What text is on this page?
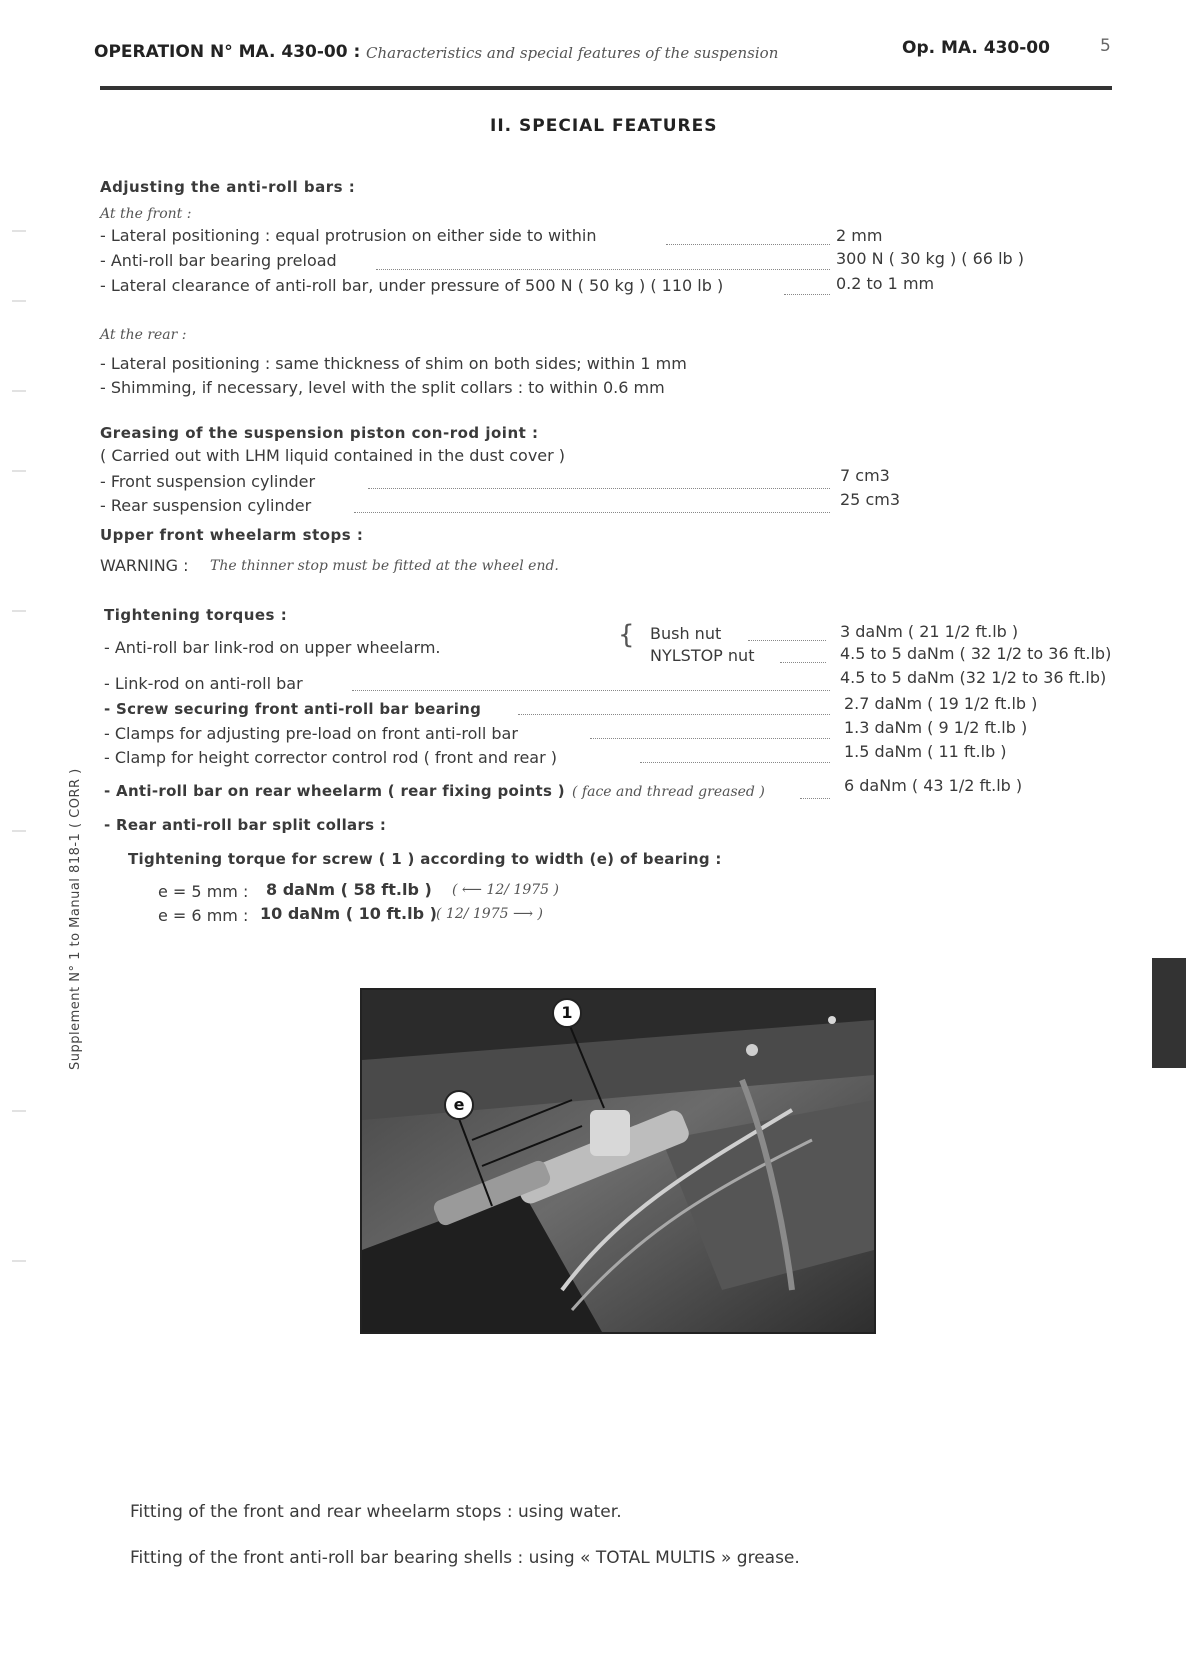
OPERATION N° MA. 430-00 : Characteristics and special features of the suspension	Op. MA. 430-00	5
II. SPECIAL FEATURES
Adjusting the anti-roll bars :
At the front :
- Lateral positioning : equal protrusion on either side to within	2 mm
- Anti-roll bar bearing preload	300 N ( 30 kg ) ( 66 lb )
- Lateral clearance of anti-roll bar, under pressure of 500 N ( 50 kg ) ( 110 lb )	0.2 to 1 mm
At the rear :
- Lateral positioning : same thickness of shim on both sides; within 1 mm
- Shimming, if necessary, level with the split collars : to within 0.6 mm
Greasing of the suspension piston con-rod joint :
( Carried out with LHM liquid contained in the dust cover )
- Front suspension cylinder	7 cm3
- Rear suspension cylinder	25 cm3
Upper front wheelarm stops :
WARNING : The thinner stop must be fitted at the wheel end.
Tightening torques :
- Anti-roll bar link-rod on upper wheelarm.	{ Bush nut	3 daNm ( 21 1/2 ft.lb )
NYLSTOP nut	4.5 to 5 daNm ( 32 1/2 to 36 ft.lb)
- Link-rod on anti-roll bar	4.5 to 5 daNm (32 1/2 to 36 ft.lb)
- Screw securing front anti-roll bar bearing	2.7 daNm ( 19 1/2 ft.lb )
- Clamps for adjusting pre-load on front anti-roll bar	1.3 daNm ( 9 1/2 ft.lb )
- Clamp for height corrector control rod ( front and rear )	1.5 daNm ( 11 ft.lb )
- Anti-roll bar on rear wheelarm ( rear fixing points ) ( face and thread greased )	6 daNm ( 43 1/2 ft.lb )
- Rear anti-roll bar split collars :
Tightening torque for screw ( 1 ) according to width (e) of bearing :
e = 5 mm : 8 daNm ( 58 ft.lb ) ( ⟵ 12/ 1975 )
e = 6 mm : 10 daNm ( 10 ft.lb ) ( 12/ 1975 ⟶ )
Supplement N° 1 to Manual 818-1 ( CORR )	1
e
Fitting of the front and rear wheelarm stops : using water.
Fitting of the front anti-roll bar bearing shells : using « TOTAL MULTIS » grease.
